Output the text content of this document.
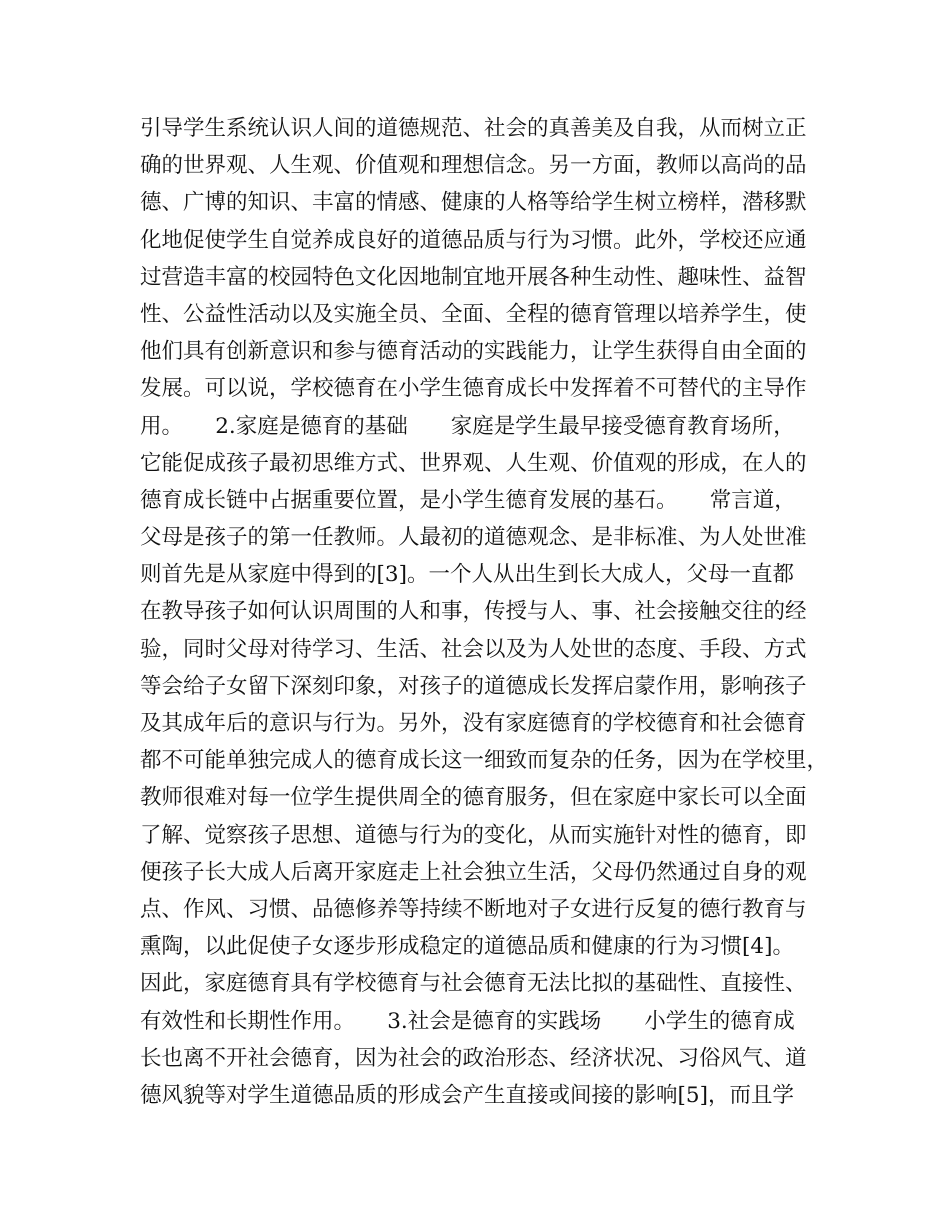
引导学生系统认识人间的道德规范、社会的真善美及自我，从而树立正
确的世界观、人生观、价值观和理想信念。另一方面，教师以高尚的品
德、广博的知识、丰富的情感、健康的人格等给学生树立榜样，潜移默
化地促使学生自觉养成良好的道德品质与行为习惯。此外，学校还应通
过营造丰富的校园特色文化因地制宜地开展各种生动性、趣味性、益智
性、公益性活动以及实施全员、全面、全程的德育管理以培养学生，使
他们具有创新意识和参与德育活动的实践能力，让学生获得自由全面的
发展。可以说，学校德育在小学生德育成长中发挥着不可替代的主导作
用。　　2.家庭是德育的基础　　家庭是学生最早接受德育教育场所，
它能促成孩子最初思维方式、世界观、人生观、价值观的形成，在人的
德育成长链中占据重要位置，是小学生德育发展的基石。　　常言道，
父母是孩子的第一任教师。人最初的道德观念、是非标准、为人处世准
则首先是从家庭中得到的[3]。一个人从出生到长大成人，父母一直都
在教导孩子如何认识周围的人和事，传授与人、事、社会接触交往的经
验，同时父母对待学习、生活、社会以及为人处世的态度、手段、方式
等会给子女留下深刻印象，对孩子的道德成长发挥启蒙作用，影响孩子
及其成年后的意识与行为。另外，没有家庭德育的学校德育和社会德育
都不可能单独完成人的德育成长这一细致而复杂的任务，因为在学校里，
教师很难对每一位学生提供周全的德育服务，但在家庭中家长可以全面
了解、觉察孩子思想、道德与行为的变化，从而实施针对性的德育，即
便孩子长大成人后离开家庭走上社会独立生活，父母仍然通过自身的观
点、作风、习惯、品德修养等持续不断地对子女进行反复的德行教育与
熏陶，以此促使子女逐步形成稳定的道德品质和健康的行为习惯[4]。
因此，家庭德育具有学校德育与社会德育无法比拟的基础性、直接性、
有效性和长期性作用。　　3.社会是德育的实践场　　小学生的德育成
长也离不开社会德育，因为社会的政治形态、经济状况、习俗风气、道
德风貌等对学生道德品质的形成会产生直接或间接的影响[5]，而且学
